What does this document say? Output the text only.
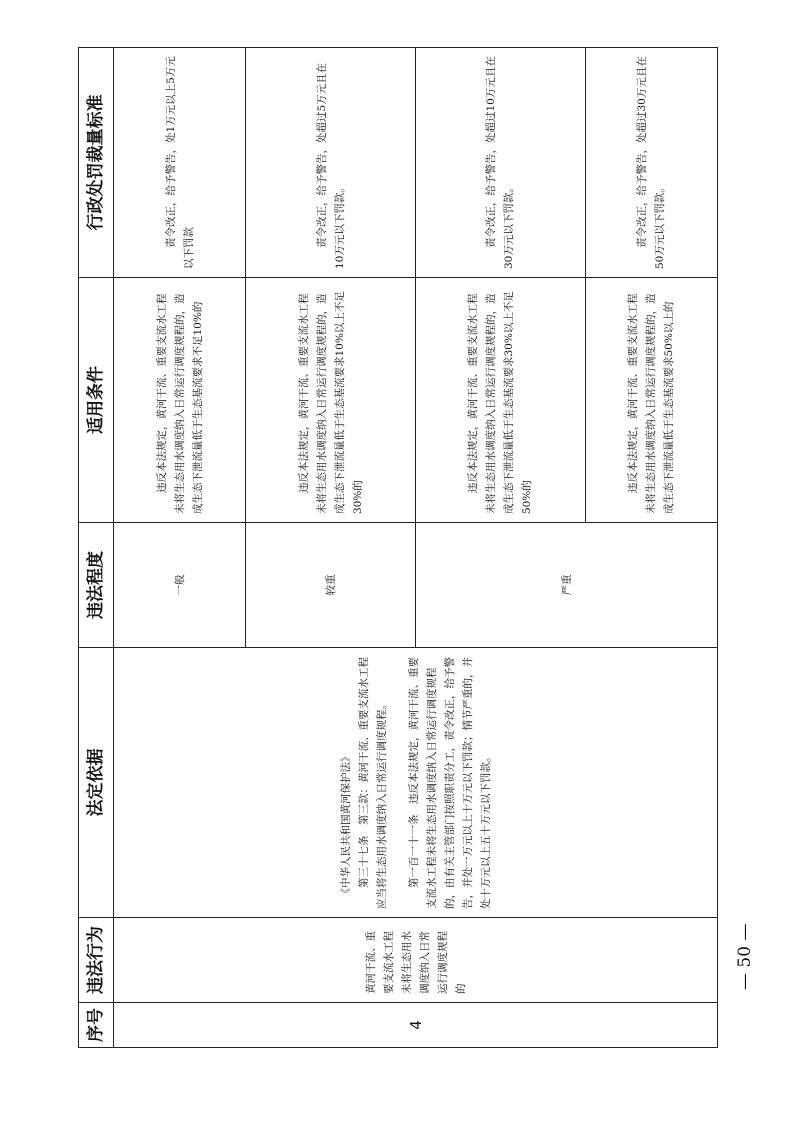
序号	违法行为	法定依据	违法程度	适用条件	行政处罚裁量标准
4	黄河干流、重要支流水工程未将生态用水调度纳入日常运行调度规程的	《中华人民共和国黄河保护法》 第三十七条　第三款：黄河干流、重要支流水工程应当将生态用水调度纳入日常运行调度规程。 第一百一十一条　违反本法规定，黄河干流、重要支流水工程未将生态用水调度纳入日常运行调度规程的，由有关主管部门按照职责分工，责令改正，给予警告，并处一万元以上十万元以下罚款；情节严重的，并处十万元以上五十万元以下罚款。	一般	违反本法规定，黄河干流、重要支流水工程未将生态用水调度纳入日常运行调度规程的，造成生态下泄流量低于生态基流要求不足10%的	责令改正，给予警告，处1万元以上5万元以下罚款
			较重	违反本法规定，黄河干流、重要支流水工程未将生态用水调度纳入日常运行调度规程的，造成生态下泄流量低于生态基流要求10%以上不足30%的	责令改正，给予警告，处超过5万元且在10万元以下罚款。
			严重	违反本法规定，黄河干流、重要支流水工程未将生态用水调度纳入日常运行调度规程的，造成生态下泄流量低于生态基流要求30%以上不足50%的	责令改正，给予警告，处超过10万元且在30万元以下罚款。
				违反本法规定，黄河干流、重要支流水工程未将生态用水调度纳入日常运行调度规程的，造成生态下泄流量低于生态基流要求50%以上的	责令改正，给予警告，处超过30万元且在50万元以下罚款。
— 50 —
